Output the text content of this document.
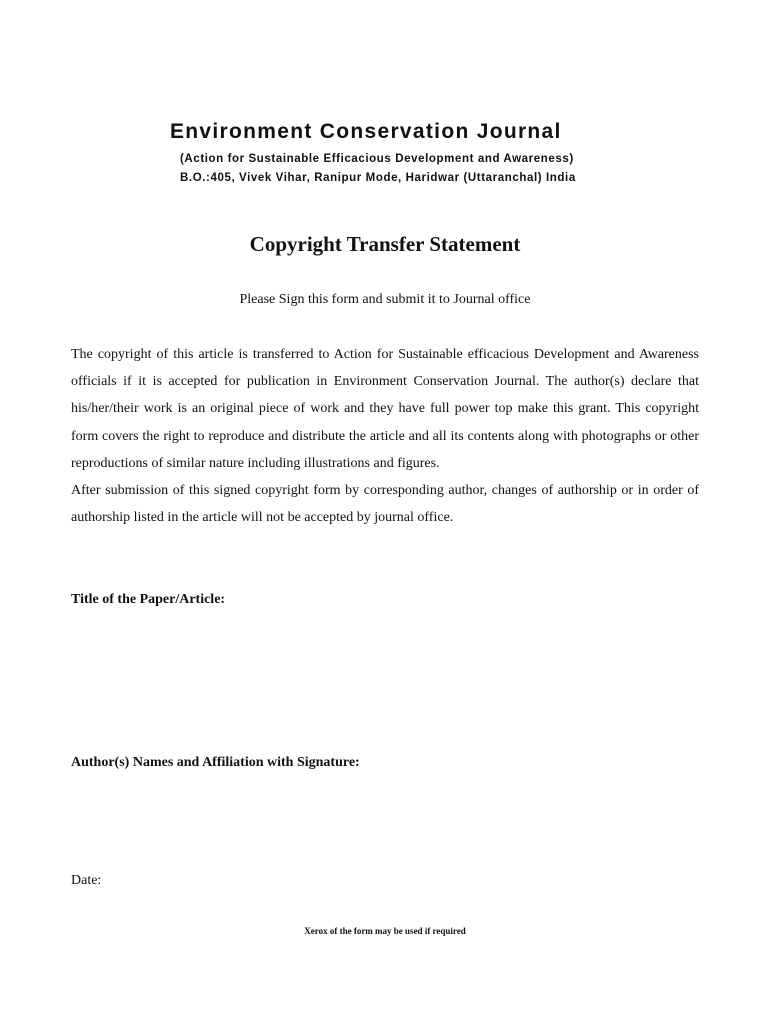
Environment Conservation Journal

(Action for Sustainable Efficacious Development and Awareness)

B.O.:405, Vivek Vihar, Ranipur Mode, Haridwar (Uttaranchal) India

Copyright Transfer Statement

Please Sign this form and submit it to Journal office

The copyright of this article is transferred to Action for Sustainable efficacious Development and Awareness officials if it is accepted for publication in Environment Conservation Journal. The author(s) declare that his/her/their work is an original piece of work and they have full power top make this grant. This copyright form covers the right to reproduce and distribute the article and all its contents along with photographs or other reproductions of similar nature including illustrations and figures.

After submission of this signed copyright form by corresponding author, changes of authorship or in order of authorship listed in the article will not be accepted by journal office.

Title of the Paper/Article:

Author(s) Names and Affiliation with Signature:

Date:

Xerox of the form may be used if required
